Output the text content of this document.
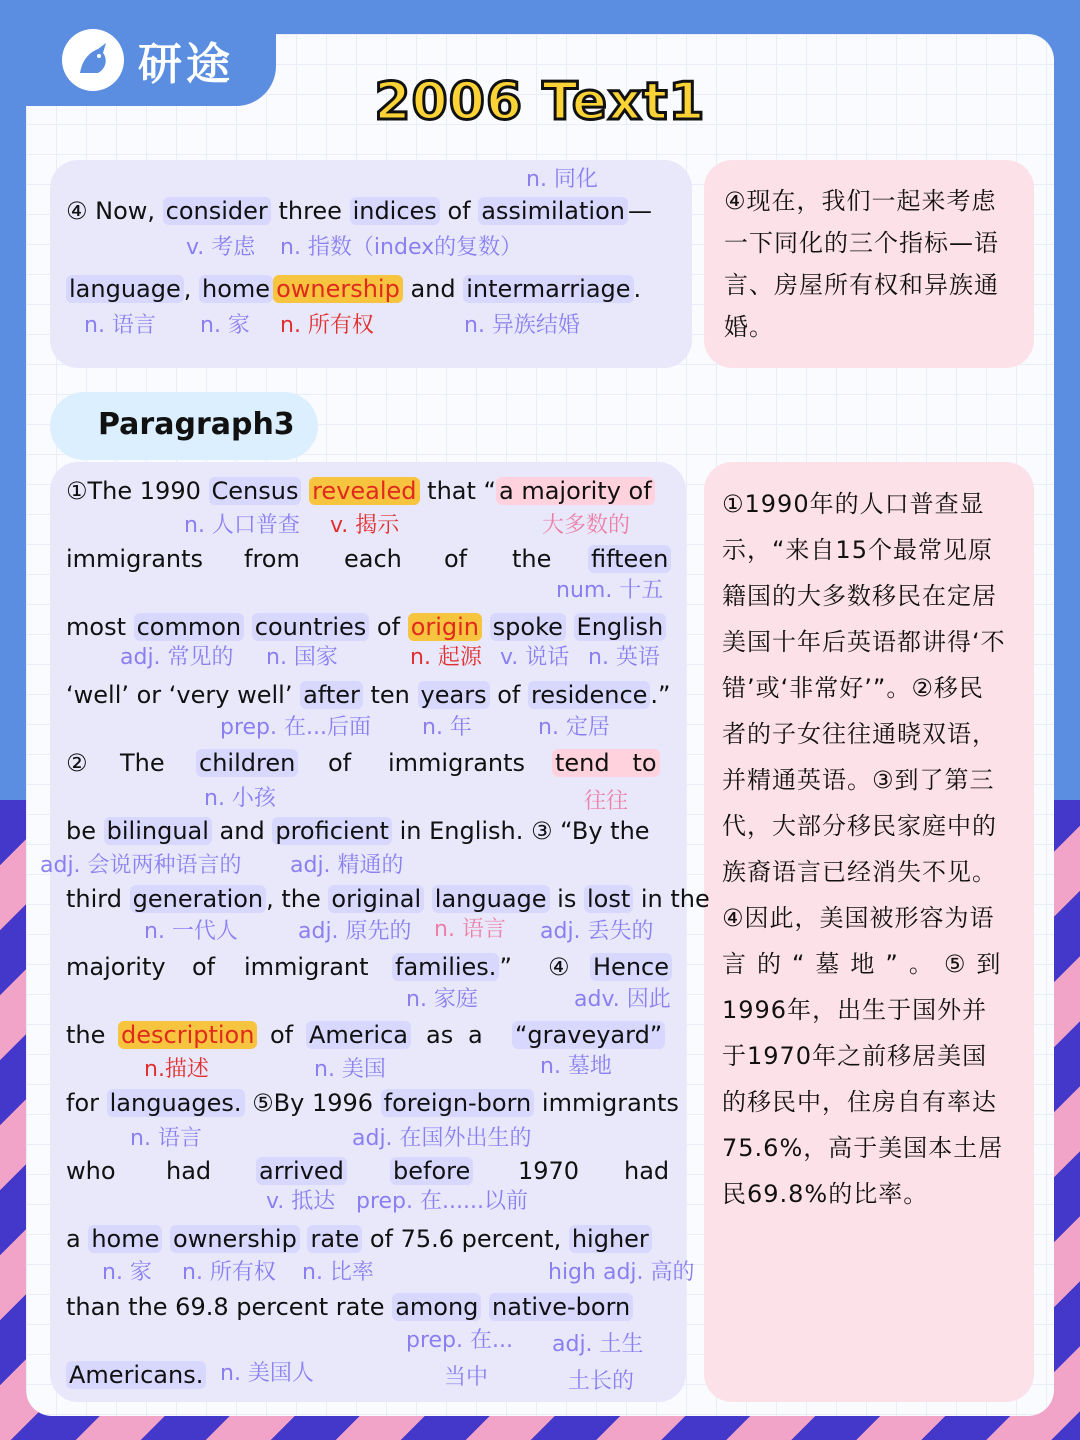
研途
2006 Text1
④ Now, consider three indices of assimilation —
language , home ownership and intermarriage .
n. 同化
v. 考虑 n. 指数（index的复数）
n. 语言 n. 家 n. 所有权	n. 异族结婚
④现在，我们一起来考虑
一下同化的三个指标—语
言、房屋所有权和异族通
婚。
Paragraph3
①The 1990 Census revealed that “ a majority of
immigrants from each of the fifteen
most common countries of origin spoke English
‘well’ or ‘very well’ after ten years of residence .”
② The children of immigrants tend   to
be bilingual and proficient in English. ③ “By the
third generation , the original language is lost in the
majority of immigrant families. ” ④ Hence
the description of America as a “graveyard”
for languages. ⑤By 1996 foreign-born immigrants
who had arrived before 1970 had
a home ownership rate of 75.6 percent, higher
than the 69.8 percent rate among native-born
Americans.
n. 人口普查 v. 揭示	大多数的
num. 十五
adj. 常见的 n. 国家	n. 起源 v. 说话 n. 英语
prep. 在...后面 n. 年	n. 定居
n. 小孩	往往
adj. 会说两种语言的 adj. 精通的
n. 一代人	adj. 原先的 n. 语言 adj. 丢失的
n. 家庭	adv. 因此
n.描述	n. 美国	n. 墓地
n. 语言	adj. 在国外出生的
v. 抵达 prep. 在......以前
n. 家 n. 所有权 n. 比率	high adj. 高的
prep. 在... adj. 土生
n. 美国人	当中	土长的
①1990年的人口普查显
示，“来自15个最常见原
籍国的大多数移民在定居
美国十年后英语都讲得‘不
错’或‘非常好’”。②移民
者的子女往往通晓双语，
并精通英语。③到了第三
代，大部分移民家庭中的
族裔语言已经消失不见。
④因此，美国被形容为语
言的“墓地”。⑤到
1996年，出生于国外并
于1970年之前移居美国
的移民中，住房自有率达
75.6%，高于美国本土居
民69.8%的比率。
